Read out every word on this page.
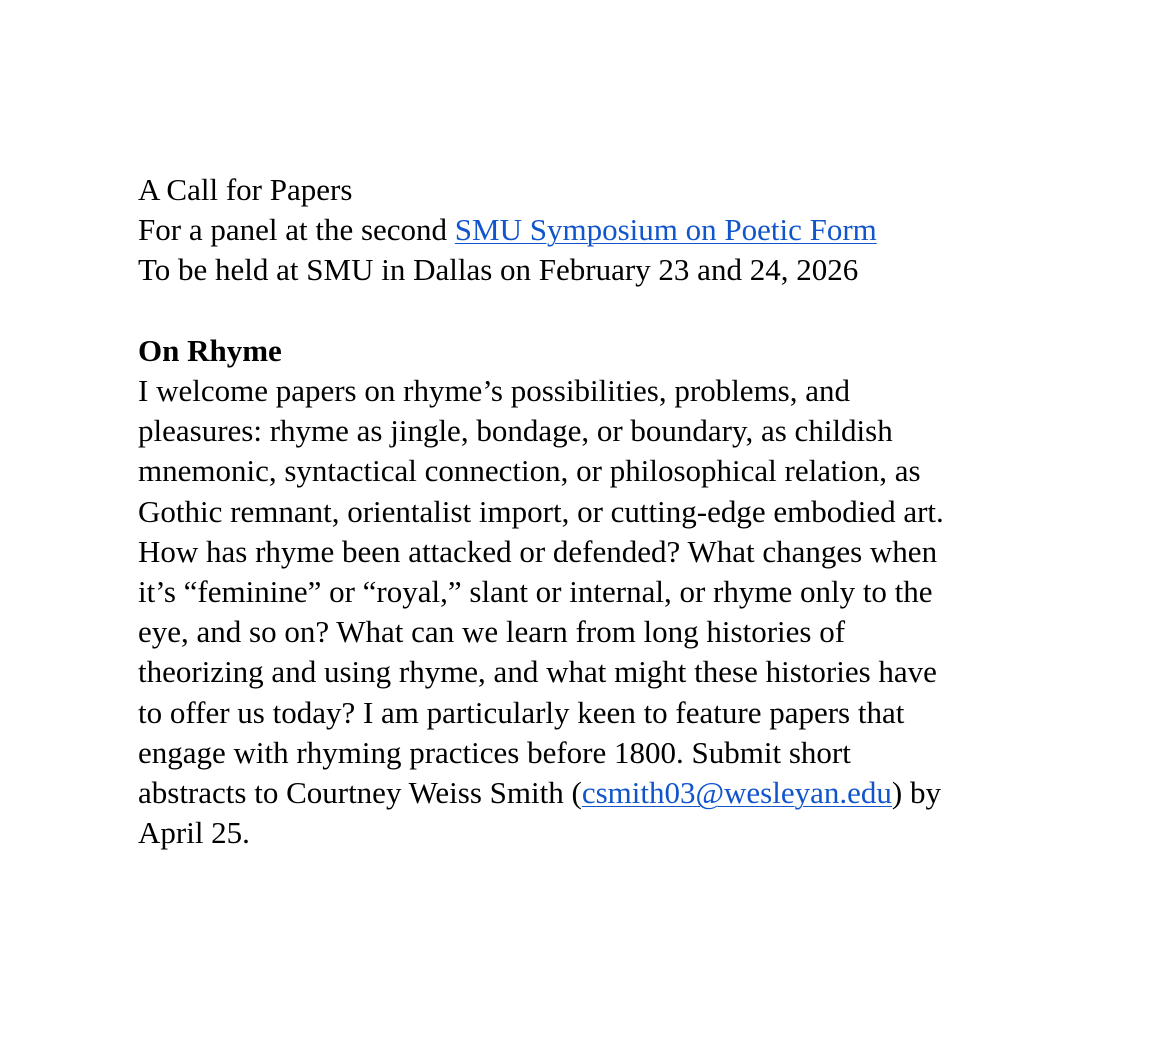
A Call for Papers
For a panel at the second SMU Symposium on Poetic Form
To be held at SMU in Dallas on February 23 and 24, 2026
On Rhyme
I welcome papers on rhyme’s possibilities, problems, and
pleasures: rhyme as jingle, bondage, or boundary, as childish
mnemonic, syntactical connection, or philosophical relation, as
Gothic remnant, orientalist import, or cutting-edge embodied art.
How has rhyme been attacked or defended? What changes when
it’s “feminine” or “royal,” slant or internal, or rhyme only to the
eye, and so on? What can we learn from long histories of
theorizing and using rhyme, and what might these histories have
to offer us today? I am particularly keen to feature papers that
engage with rhyming practices before 1800. Submit short
abstracts to Courtney Weiss Smith (csmith03@wesleyan.edu) by
April 25.
